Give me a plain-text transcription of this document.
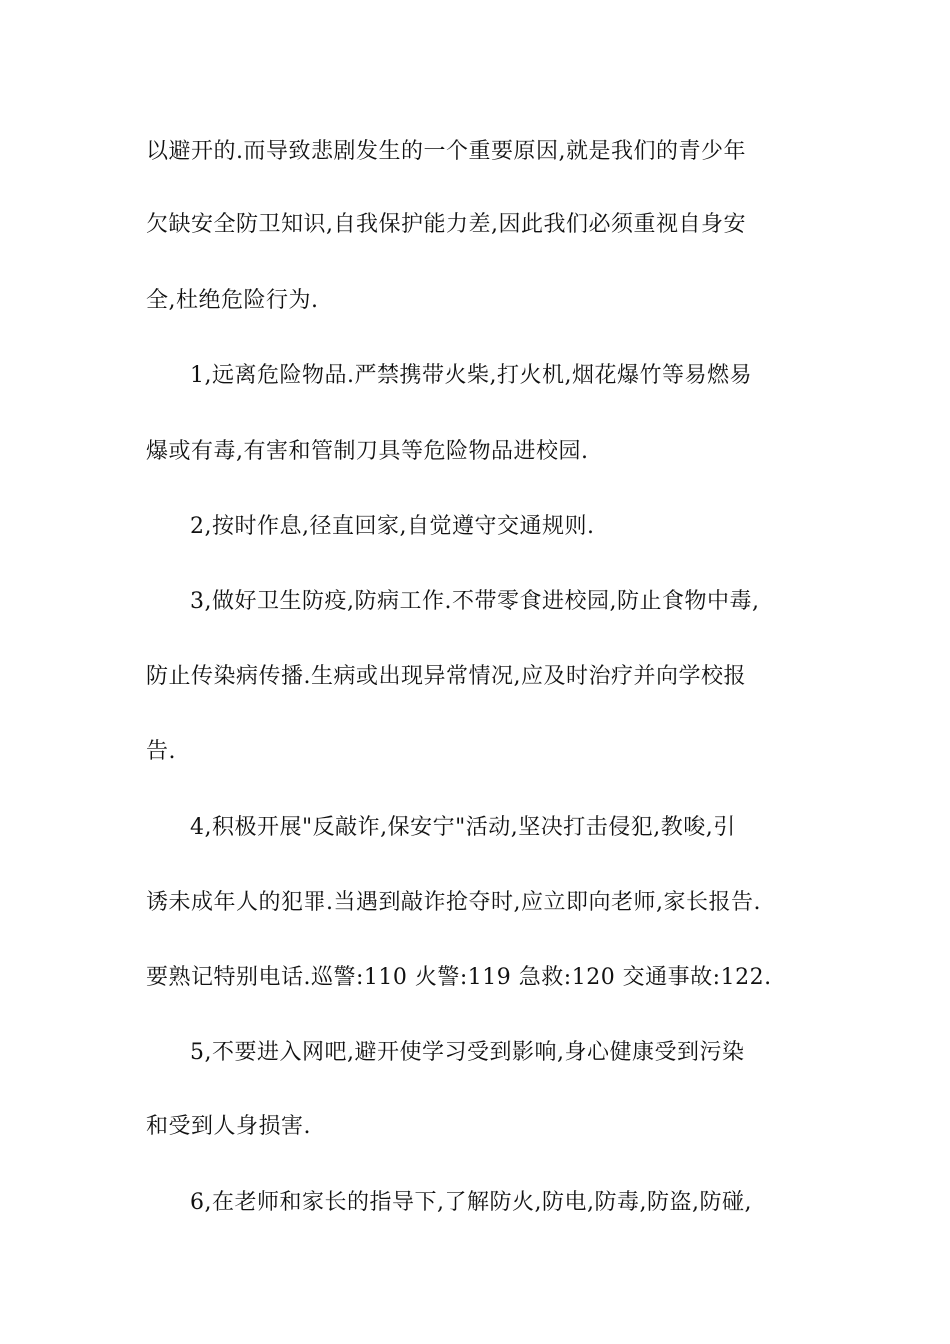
以避开的.而导致悲剧发生的一个重要原因,就是我们的青少年
欠缺安全防卫知识,自我保护能力差,因此我们必须重视自身安
全,杜绝危险行为.
1,远离危险物品.严禁携带火柴,打火机,烟花爆竹等易燃易
爆或有毒,有害和管制刀具等危险物品进校园.
2,按时作息,径直回家,自觉遵守交通规则.
3,做好卫生防疫,防病工作.不带零食进校园,防止食物中毒,
防止传染病传播.生病或出现异常情况,应及时治疗并向学校报
告.
4,积极开展"反敲诈,保安宁"活动,坚决打击侵犯,教唆,引
诱未成年人的犯罪.当遇到敲诈抢夺时,应立即向老师,家长报告.
要熟记特别电话.巡警:110 火警:119 急救:120 交通事故:122.
5,不要进入网吧,避开使学习受到影响,身心健康受到污染
和受到人身损害.
6,在老师和家长的指导下,了解防火,防电,防毒,防盗,防碰,
